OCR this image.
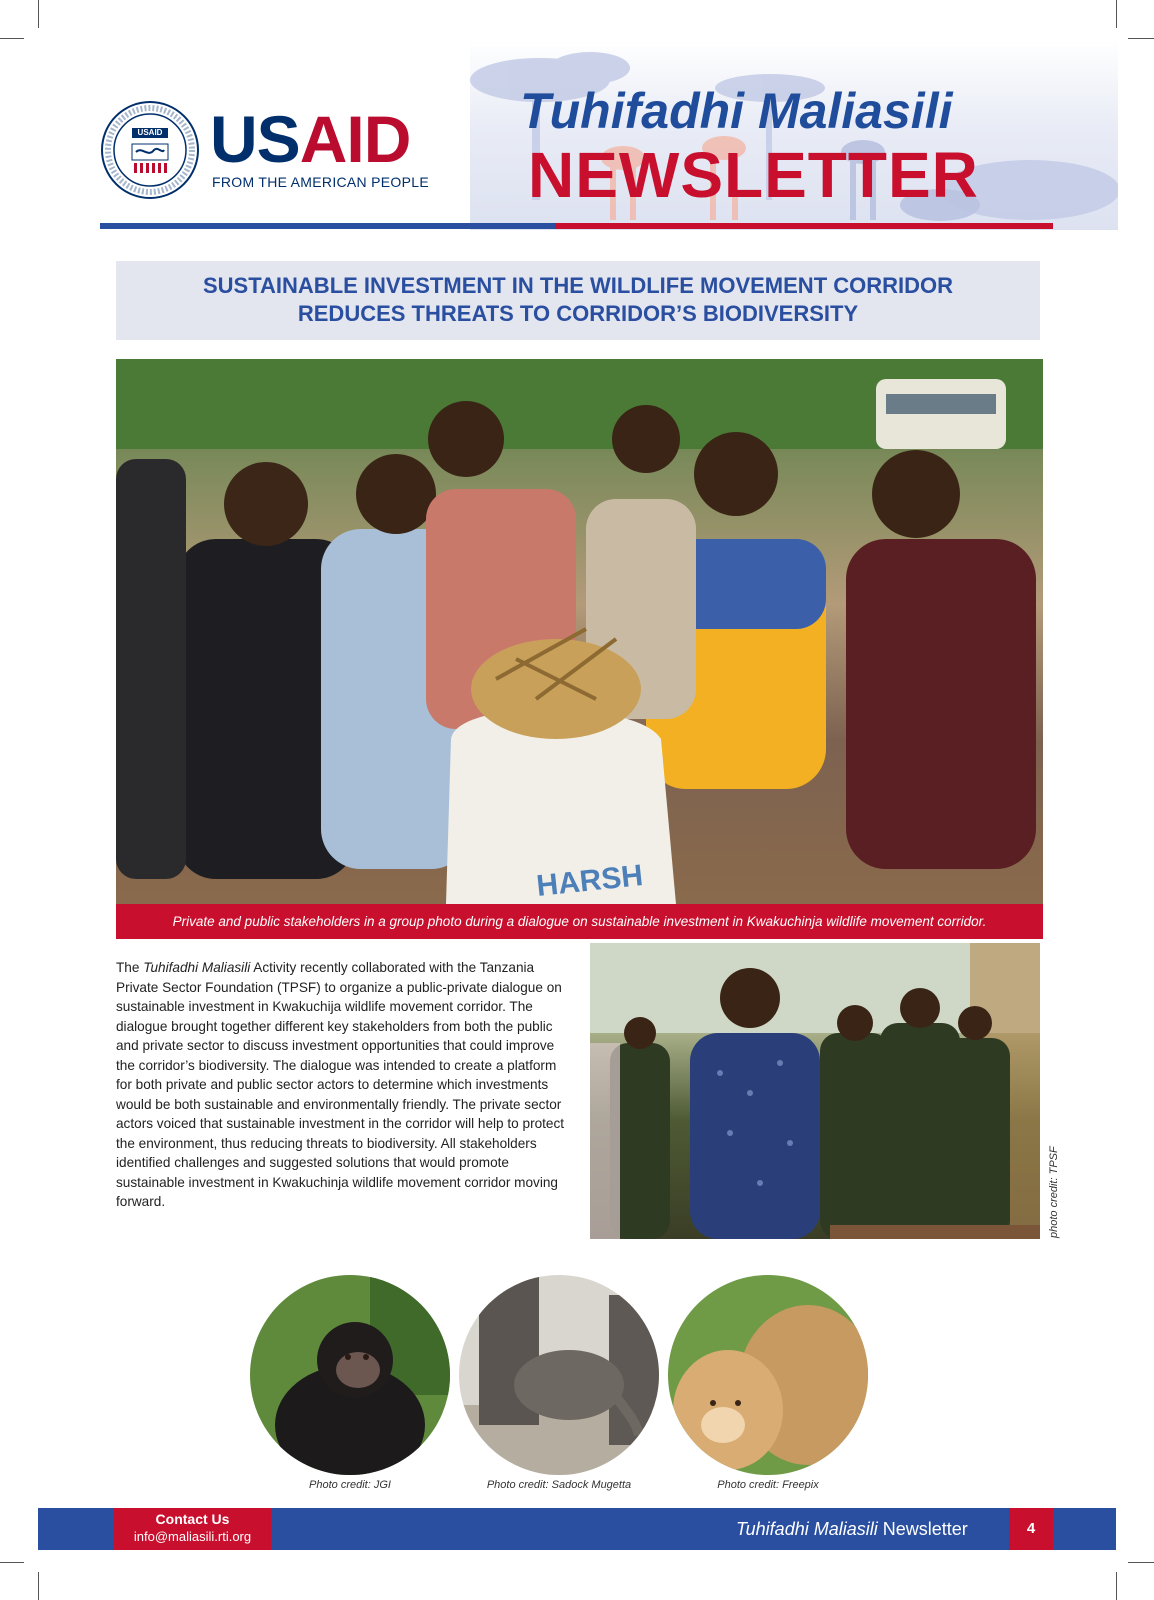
USAID USAID
FROM THE AMERICAN PEOPLE
Tuhifadhi Maliasili
NEWSLETTER
SUSTAINABLE INVESTMENT IN THE WILDLIFE MOVEMENT CORRIDOR
REDUCES THREATS TO CORRIDOR’S BIODIVERSITY
HARSH
Private and public stakeholders in a group photo during a dialogue on sustainable investment in Kwakuchinja wildlife movement corridor.
The Tuhifadhi Maliasili Activity recently collaborated with the Tanzania Private Sector Foundation (TPSF) to organize a public-private dialogue on sustainable investment in Kwakuchija wildlife movement corridor. The dialogue brought together different key stakeholders from both the public and private sector to discuss investment opportunities that could improve the corridor’s biodiversity. The dialogue was intended to create a platform for both private and public sector actors to determine which investments would be both sustainable and environmentally friendly. The private sector actors voiced that sustainable investment in the corridor will help to protect the environment, thus reducing threats to biodiversity. All stakeholders identified challenges and suggested solutions that would promote sustainable investment in Kwakuchinja wildlife movement corridor moving forward.	photo credit: TPSF
Photo credit: JGI	Photo credit: Sadock Mugetta	Photo credit: Freepix
Contact Us
info@maliasili.rti.org	Tuhifadhi Maliasili Newsletter	4
